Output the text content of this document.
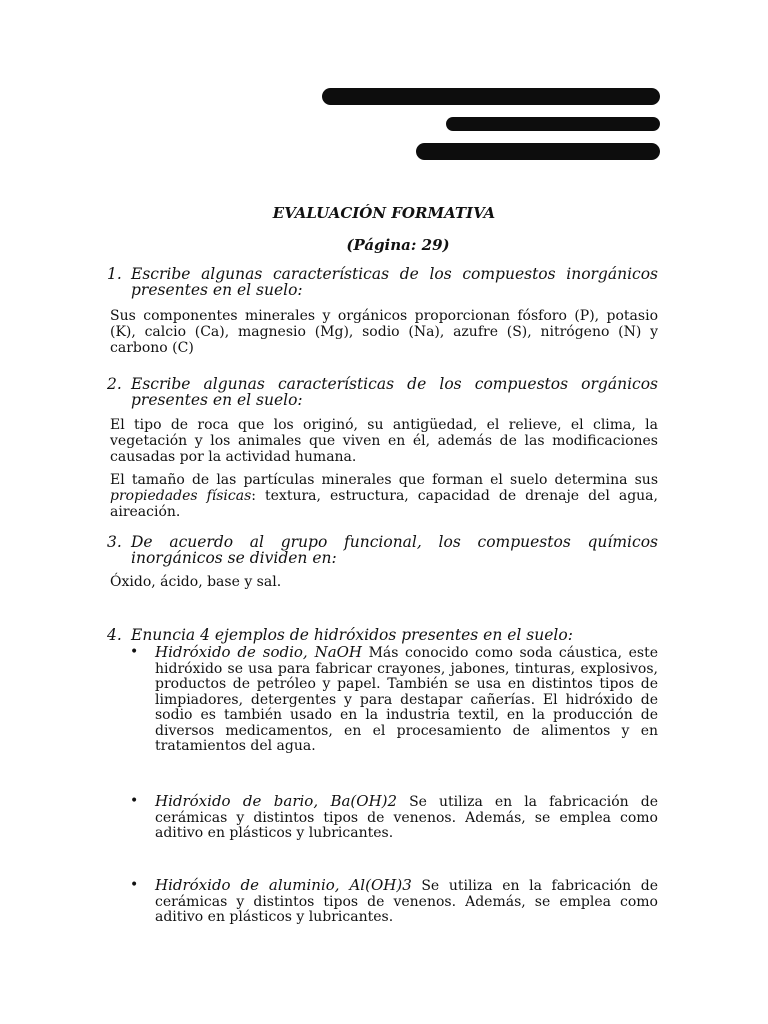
EVALUACIÓN FORMATIVA
(Página: 29)
1. Escribe algunas características de los compuestos inorgánicos presentes en el suelo:
Sus componentes minerales y orgánicos proporcionan fósforo (P), potasio (K), calcio (Ca), magnesio (Mg), sodio (Na), azufre (S), nitrógeno (N) y carbono (C)
2. Escribe algunas características de los compuestos orgánicos presentes en el suelo:
El tipo de roca que los originó, su antigüedad, el relieve, el clima, la vegetación y los animales que viven en él, además de las modificaciones causadas por la actividad humana.
El tamaño de las partículas minerales que forman el suelo determina sus propiedades físicas: textura, estructura, capacidad de drenaje del agua, aireación.
3. De acuerdo al grupo funcional, los compuestos químicos inorgánicos se dividen en:
Óxido, ácido, base y sal.
4. Enuncia 4 ejemplos de hidróxidos presentes en el suelo:
• Hidróxido de sodio, NaOH Más conocido como soda cáustica, este hidróxido se usa para fabricar crayones, jabones, tinturas, explosivos, productos de petróleo y papel. También se usa en distintos tipos de limpiadores, detergentes y para destapar cañerías. El hidróxido de sodio es también usado en la industria textil, en la producción de diversos medicamentos, en el procesamiento de alimentos y en tratamientos del agua.
• Hidróxido de bario, Ba(OH)2 Se utiliza en la fabricación de cerámicas y distintos tipos de venenos. Además, se emplea como aditivo en plásticos y lubricantes.
• Hidróxido de aluminio, Al(OH)3 Se utiliza en la fabricación de cerámicas y distintos tipos de venenos. Además, se emplea como aditivo en plásticos y lubricantes.
